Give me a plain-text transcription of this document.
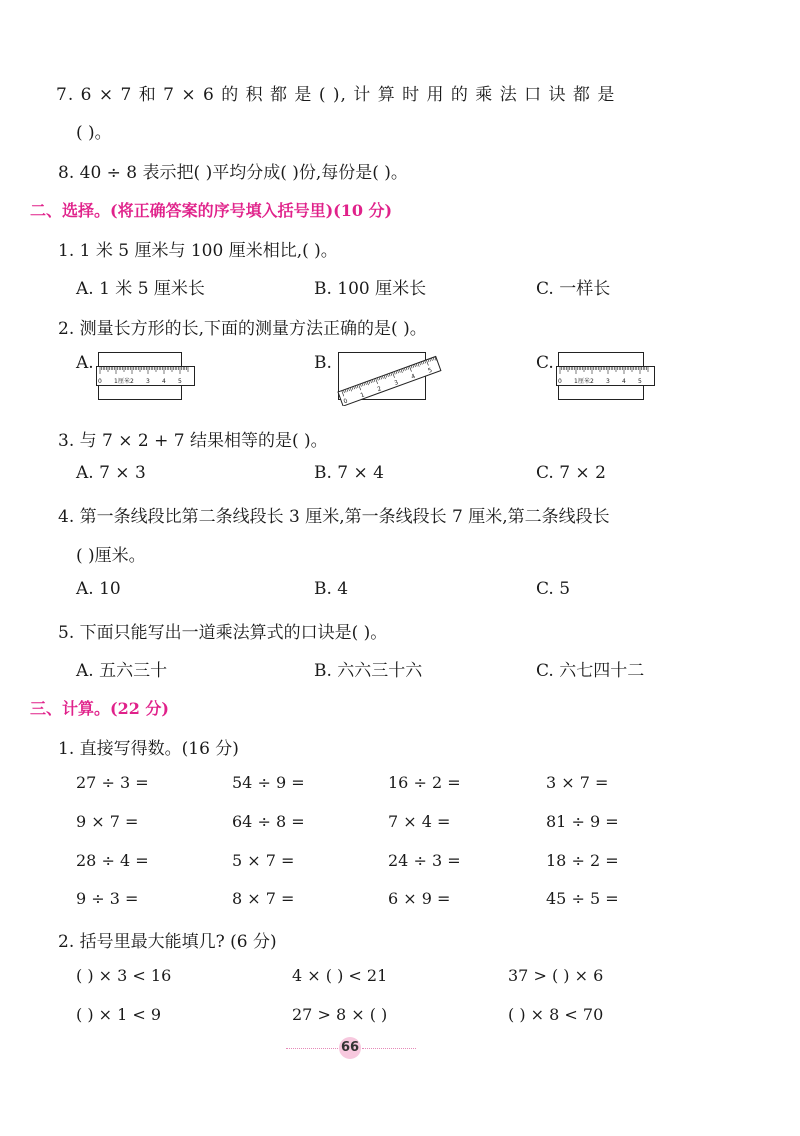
7. 6 × 7 和 7 × 6 的 积 都 是 ( ), 计 算 时 用 的 乘 法 口 诀 都 是
( )。
8. 40 ÷ 8 表示把( )平均分成( )份,每份是( )。
二、选择。(将正确答案的序号填入括号里)(10 分)
1. 1 米 5 厘米与 100 厘米相比,( )。
A. 1 米 5 厘米长	B. 100 厘米长	C. 一样长
2. 测量长方形的长,下面的测量方法正确的是( )。
A.
0 1 厘米 2 3 4 5
B.
0
1
2
3
4
5	C.
0 1 厘米 2 3 4 5
3. 与 7 × 2 + 7 结果相等的是( )。
A. 7 × 3	B. 7 × 4	C. 7 × 2
4. 第一条线段比第二条线段长 3 厘米,第一条线段长 7 厘米,第二条线段长
( )厘米。
A. 10	B. 4	C. 5
5. 下面只能写出一道乘法算式的口诀是( )。
A. 五六三十	B. 六六三十六	C. 六七四十二
三、计算。(22 分)
1. 直接写得数。(16 分)
27 ÷ 3 =	54 ÷ 9 =	16 ÷ 2 =	3 × 7 =
9 × 7 =	64 ÷ 8 =	7 × 4 =	81 ÷ 9 =
28 ÷ 4 =	5 × 7 =	24 ÷ 3 =	18 ÷ 2 =
9 ÷ 3 =	8 × 7 =	6 × 9 =	45 ÷ 5 =
2. 括号里最大能填几? (6 分)
( ) × 3 < 16	4 × ( ) < 21	37 > ( ) × 6
( ) × 1 < 9	27 > 8 × ( )	( ) × 8 < 70
66
